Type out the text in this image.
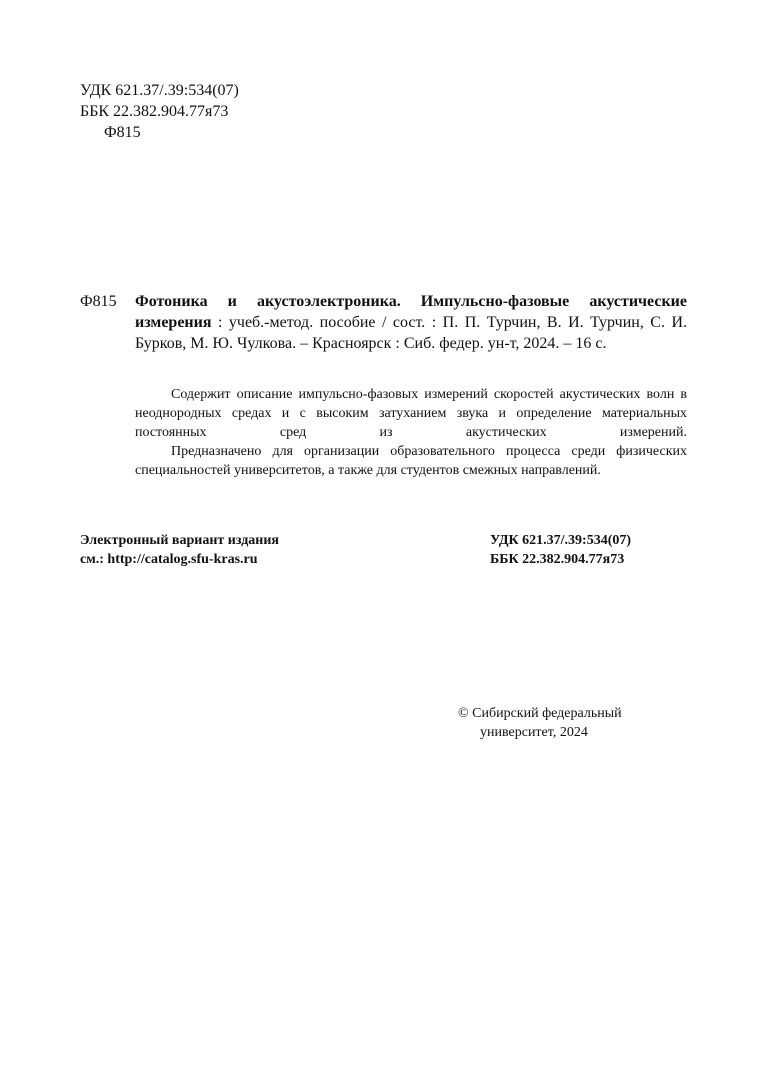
УДК 621.37/.39:534(07)
ББК 22.382.904.77я73
Ф815
Ф815 Фотоника и акустоэлектроника. Импульсно-фазовые акустические измерения : учеб.-метод. пособие / сост. : П. П. Турчин, В. И. Турчин, С. И. Бурков, М. Ю. Чулкова. – Красноярск : Сиб. федер. ун-т, 2024. – 16 с.

Содержит описание импульсно-фазовых измерений скоростей акустических волн в неоднородных средах и с высоким затуханием звука и определение материальных постоянных сред из акустических измерений.

Предназначено для организации образовательного процесса среди физических специальностей университетов, а также для студентов смежных направлений.

Электронный вариант издания
см.: http://catalog.sfu-kras.ru
УДК 621.37/.39:534(07)
ББК 22.382.904.77я73
© Сибирский федеральный
университет, 2024
